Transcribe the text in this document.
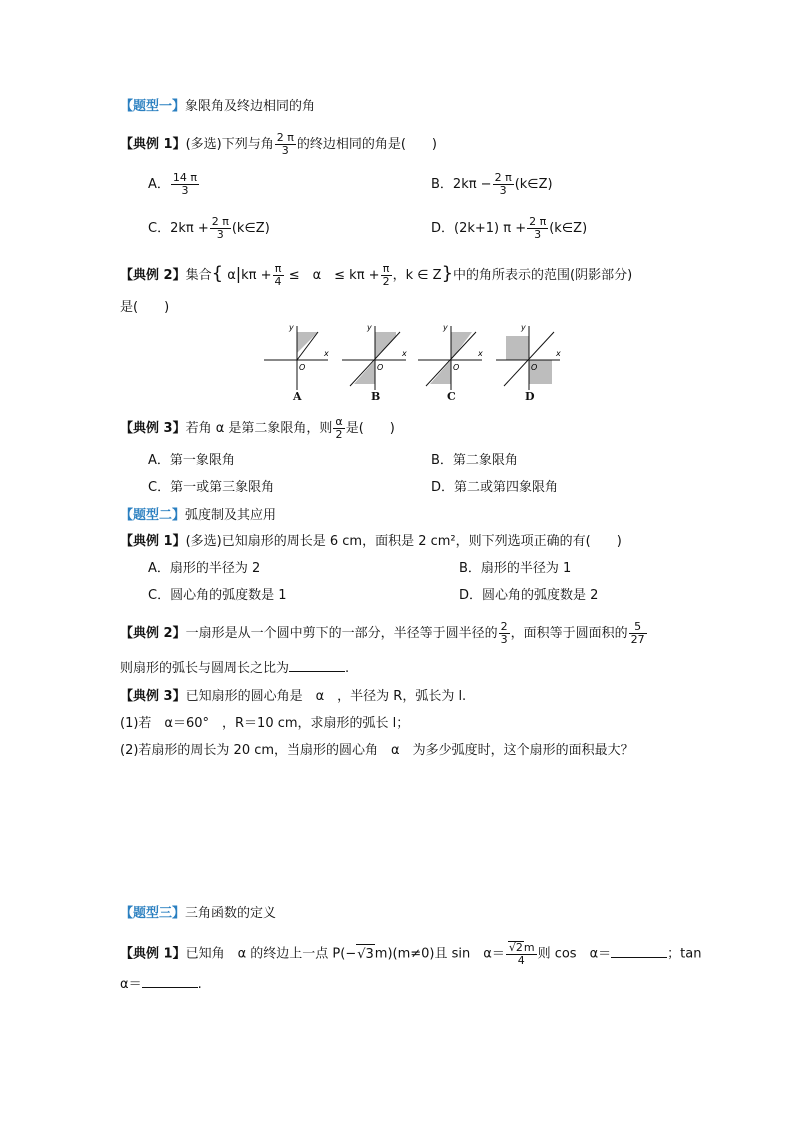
【题型一】象限角及终边相同的角
【典例 1】(多选)下列与角 $\frac{2 \pi}{3}$ 的终边相同的角是(　　)
A． $\frac{14 \pi}{3}$	B．$2k\pi - \frac{2 \pi}{3}$ (k∈Z)
C．$2k\pi + \frac{2 \pi}{3}$ (k∈Z)	D．(2k+1) $\pi + \frac{2 \pi}{3}$ (k∈Z)
【典例 2】集合{ $\alpha|k\pi + \frac{\pi}{4}$ ≤　α　≤ $k\pi + \frac{\pi}{2}$ ，k ∈ Z}中的角所表示的范围(阴影部分)
是(　　)
y
x
O
y
x
O
y
x
O
y
x
O
A	B	C	D
【典例 3】若角 α 是第二象限角，则 $\frac{\alpha}{2}$ 是(　　)
A．第一象限角	B．第二象限角
C．第一或第三象限角	D．第二或第四象限角
【题型二】弧度制及其应用
【典例 1】(多选)已知扇形的周长是 6 cm，面积是 2 cm²，则下列选项正确的有(　　)
A．扇形的半径为 2	B．扇形的半径为 1
C．圆心角的弧度数是 1	D．圆心角的弧度数是 2
【典例 2】一扇形是从一个圆中剪下的一部分，半径等于圆半径的 $\frac{2}{3}$ ，面积等于圆面积的 $\frac{5}{27}$
则扇形的弧长与圆周长之比为	.
【典例 3】已知扇形的圆心角是　α　，半径为 R，弧长为 l.
(1)若　α＝60°　，R＝10 cm，求扇形的弧长 l；
(2)若扇形的周长为 20 cm，当扇形的圆心角　α　为多少弧度时，这个扇形的面积最大？
【题型三】三角函数的定义
【典例 1】已知角　α 的终边上一点 P(−√3m)(m≠0)且 sin　$\alpha= \frac{√2m}{4}$ 则 cos　α＝	；tan
α＝	.
